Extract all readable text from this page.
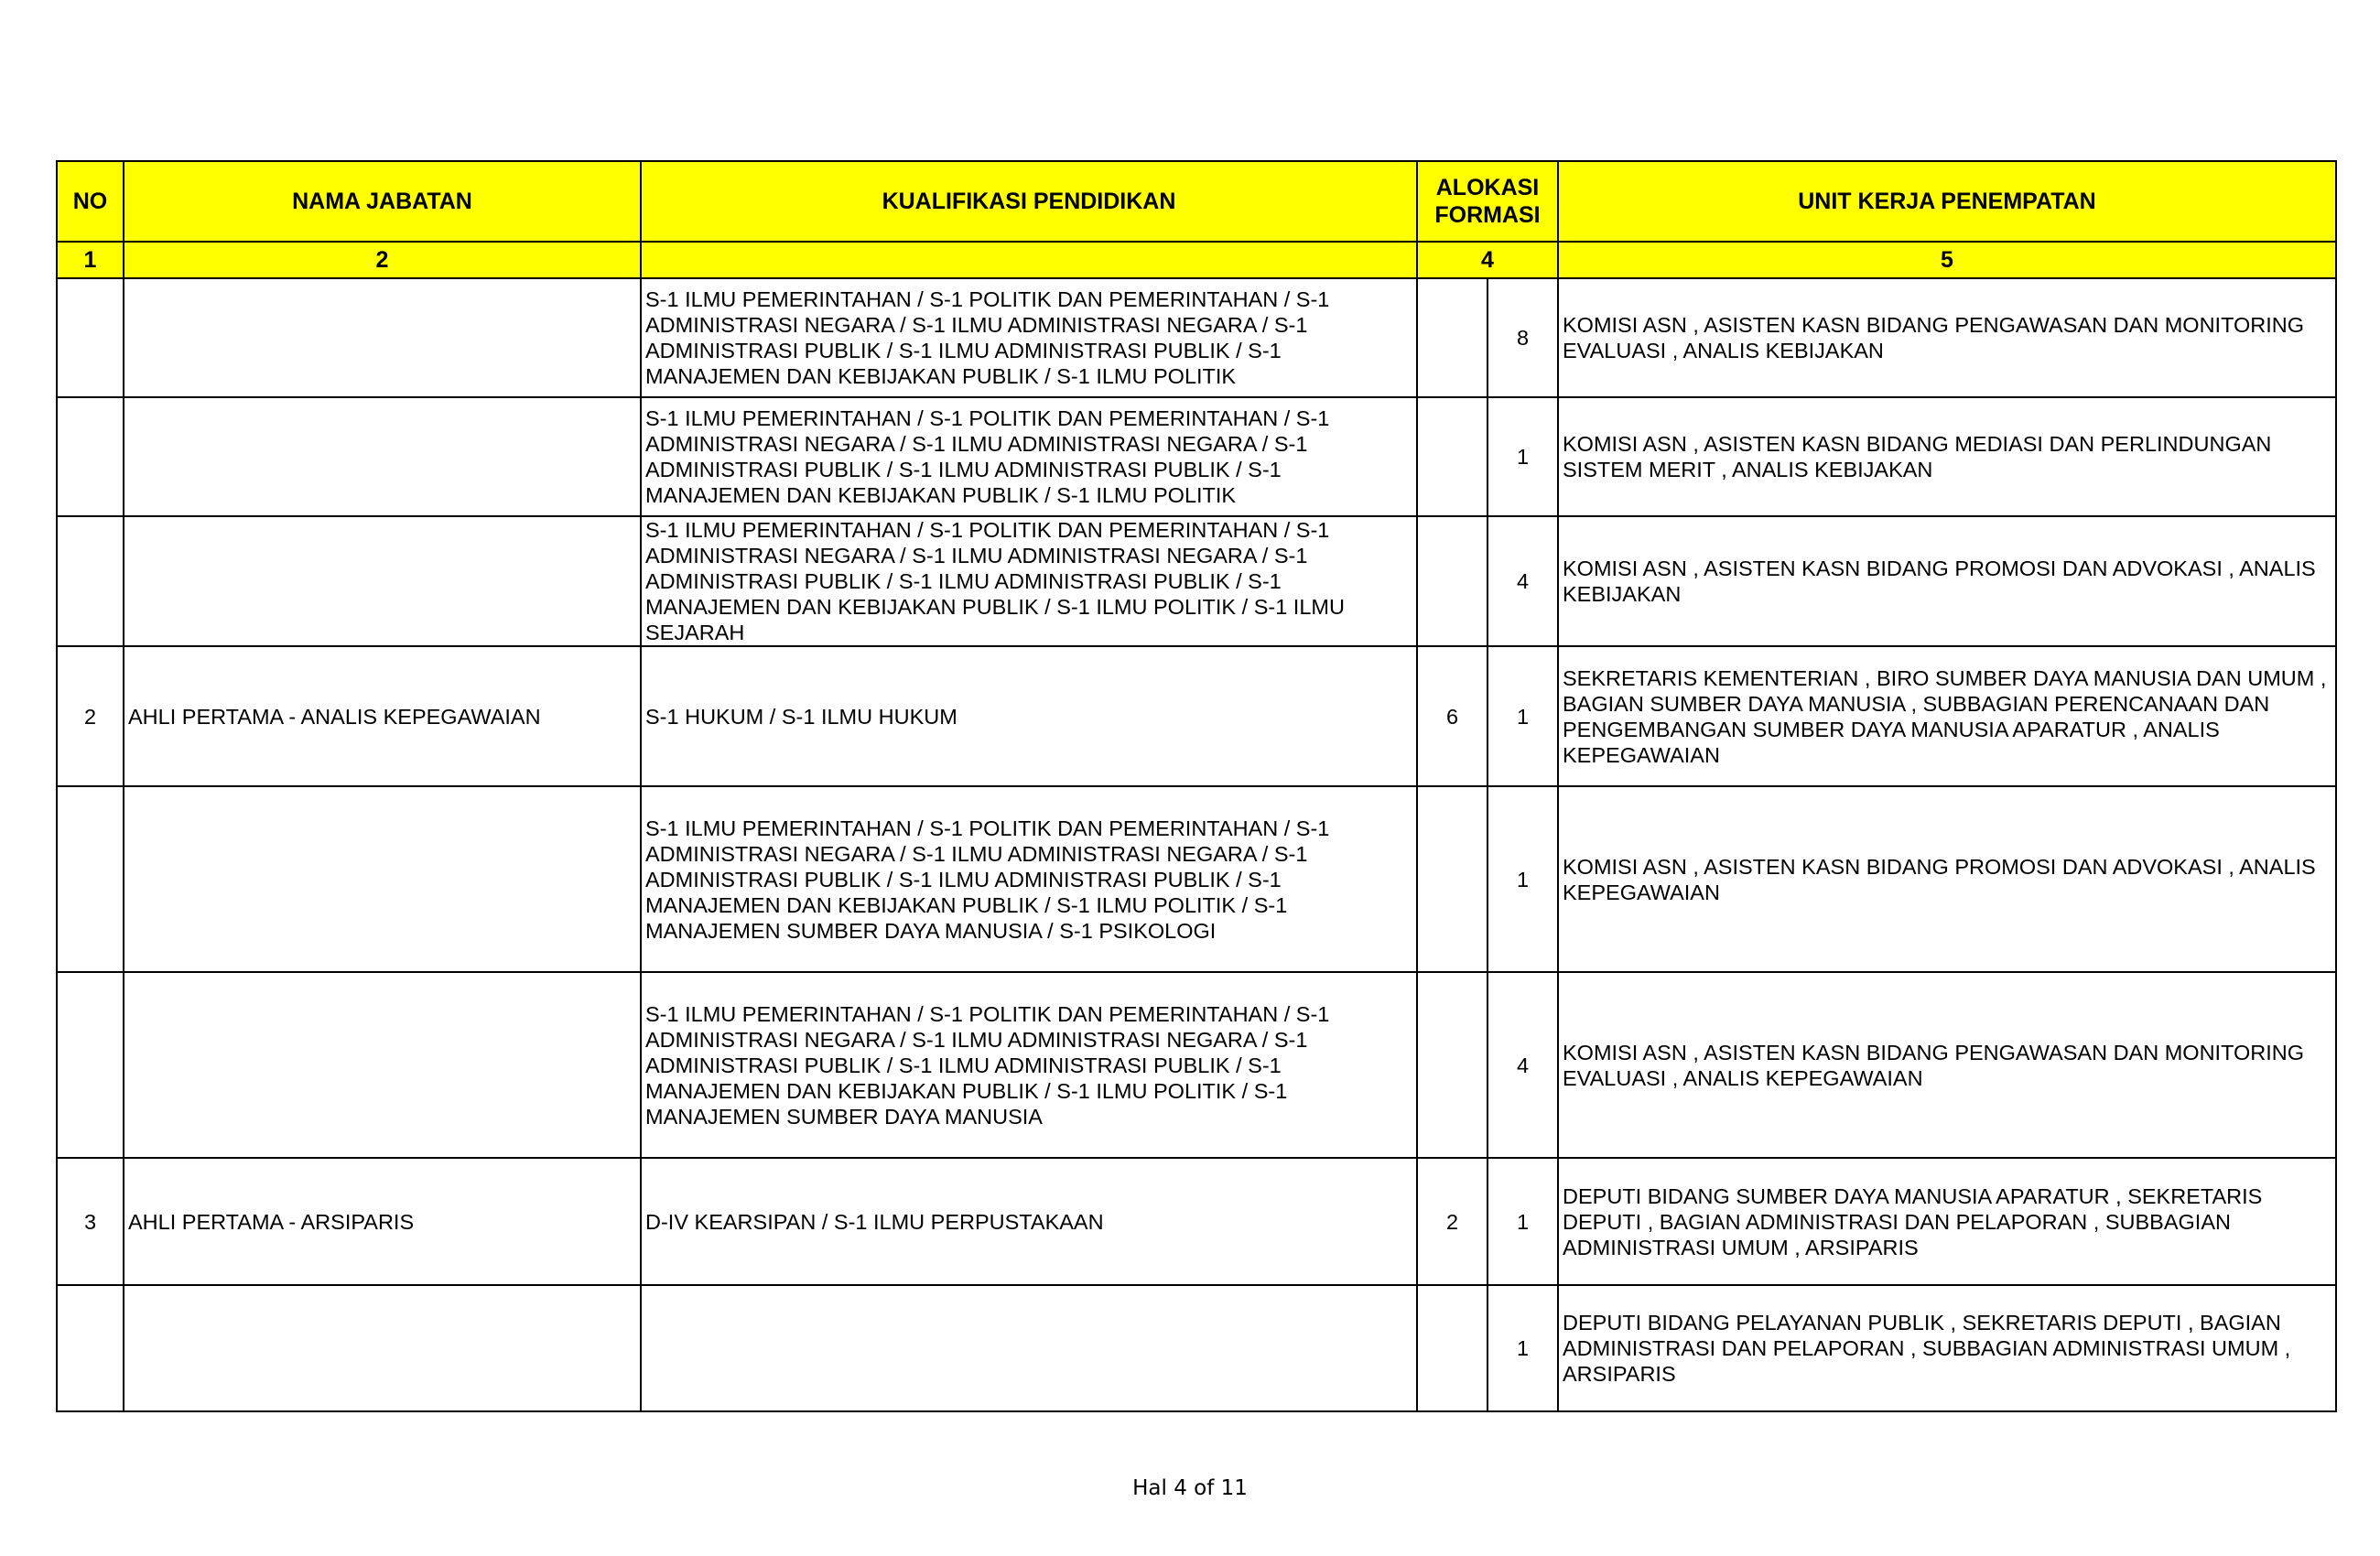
NO	NAMA JABATAN	KUALIFIKASI PENDIDIKAN	ALOKASI FORMASI		UNIT KERJA PENEMPATAN
1	2		4		5
		S-1 ILMU PEMERINTAHAN / S-1 POLITIK DAN PEMERINTAHAN / S-1 ADMINISTRASI NEGARA / S-1 ILMU ADMINISTRASI NEGARA / S-1 ADMINISTRASI PUBLIK / S-1 ILMU ADMINISTRASI PUBLIK / S-1 MANAJEMEN DAN KEBIJAKAN PUBLIK / S-1 ILMU POLITIK		8	KOMISI ASN , ASISTEN KASN BIDANG PENGAWASAN DAN MONITORING EVALUASI , ANALIS KEBIJAKAN
		S-1 ILMU PEMERINTAHAN / S-1 POLITIK DAN PEMERINTAHAN / S-1 ADMINISTRASI NEGARA / S-1 ILMU ADMINISTRASI NEGARA / S-1 ADMINISTRASI PUBLIK / S-1 ILMU ADMINISTRASI PUBLIK / S-1 MANAJEMEN DAN KEBIJAKAN PUBLIK / S-1 ILMU POLITIK		1	KOMISI ASN , ASISTEN KASN BIDANG MEDIASI DAN PERLINDUNGAN SISTEM MERIT , ANALIS KEBIJAKAN
		S-1 ILMU PEMERINTAHAN / S-1 POLITIK DAN PEMERINTAHAN / S-1 ADMINISTRASI NEGARA / S-1 ILMU ADMINISTRASI NEGARA / S-1 ADMINISTRASI PUBLIK / S-1 ILMU ADMINISTRASI PUBLIK / S-1 MANAJEMEN DAN KEBIJAKAN PUBLIK / S-1 ILMU POLITIK / S-1 ILMU SEJARAH		4	KOMISI ASN , ASISTEN KASN BIDANG PROMOSI DAN ADVOKASI , ANALIS KEBIJAKAN
2	AHLI PERTAMA - ANALIS KEPEGAWAIAN	S-1 HUKUM / S-1 ILMU HUKUM	6	1	SEKRETARIS KEMENTERIAN , BIRO SUMBER DAYA MANUSIA DAN UMUM , BAGIAN SUMBER DAYA MANUSIA , SUBBAGIAN PERENCANAAN DAN PENGEMBANGAN SUMBER DAYA MANUSIA APARATUR , ANALIS KEPEGAWAIAN
		S-1 ILMU PEMERINTAHAN / S-1 POLITIK DAN PEMERINTAHAN / S-1 ADMINISTRASI NEGARA / S-1 ILMU ADMINISTRASI NEGARA / S-1 ADMINISTRASI PUBLIK / S-1 ILMU ADMINISTRASI PUBLIK / S-1 MANAJEMEN DAN KEBIJAKAN PUBLIK / S-1 ILMU POLITIK / S-1 MANAJEMEN SUMBER DAYA MANUSIA / S-1 PSIKOLOGI		1	KOMISI ASN , ASISTEN KASN BIDANG PROMOSI DAN ADVOKASI , ANALIS KEPEGAWAIAN
		S-1 ILMU PEMERINTAHAN / S-1 POLITIK DAN PEMERINTAHAN / S-1 ADMINISTRASI NEGARA / S-1 ILMU ADMINISTRASI NEGARA / S-1 ADMINISTRASI PUBLIK / S-1 ILMU ADMINISTRASI PUBLIK / S-1 MANAJEMEN DAN KEBIJAKAN PUBLIK / S-1 ILMU POLITIK / S-1 MANAJEMEN SUMBER DAYA MANUSIA		4	KOMISI ASN , ASISTEN KASN BIDANG PENGAWASAN DAN MONITORING EVALUASI , ANALIS KEPEGAWAIAN
3	AHLI PERTAMA - ARSIPARIS	D-IV KEARSIPAN / S-1 ILMU PERPUSTAKAAN	2	1	DEPUTI BIDANG SUMBER DAYA MANUSIA APARATUR , SEKRETARIS DEPUTI , BAGIAN ADMINISTRASI DAN PELAPORAN , SUBBAGIAN ADMINISTRASI UMUM , ARSIPARIS
				1	DEPUTI BIDANG PELAYANAN PUBLIK , SEKRETARIS DEPUTI , BAGIAN ADMINISTRASI DAN PELAPORAN , SUBBAGIAN ADMINISTRASI UMUM , ARSIPARIS
Hal 4 of 11
